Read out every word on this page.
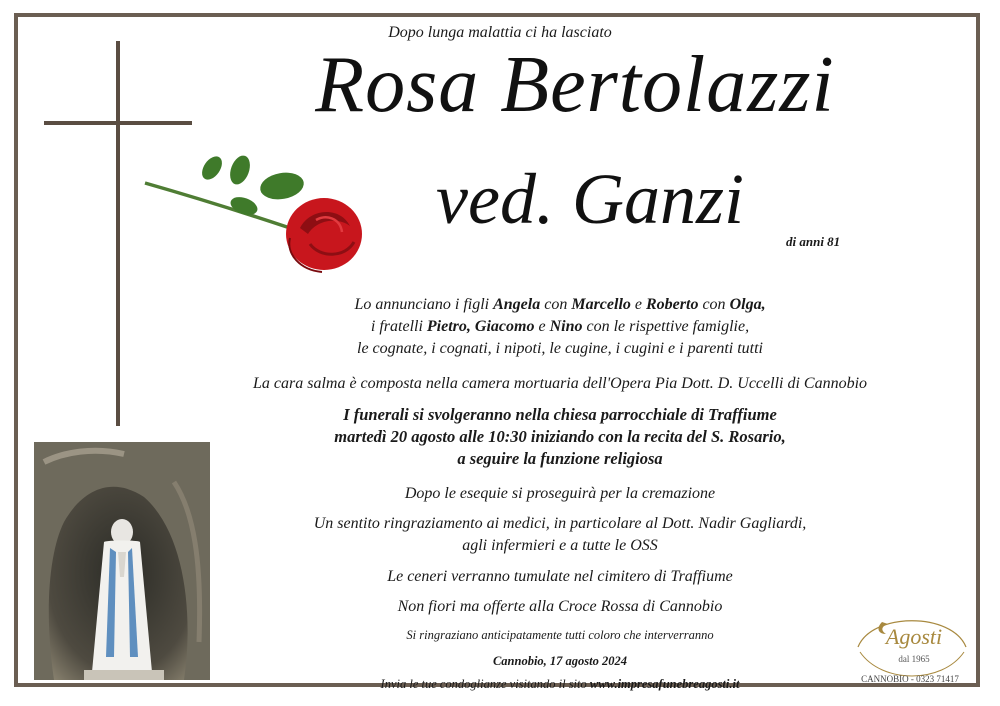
Dopo lunga malattia ci ha lasciato
Rosa Bertolazzi
ved. Ganzi
di anni 81
Lo annunciano i figli Angela con Marcello e Roberto con Olga,
i fratelli Pietro, Giacomo e Nino con le rispettive famiglie,
le cognate, i cognati, i nipoti, le cugine, i cugini e i parenti tutti
La cara salma è composta nella camera mortuaria dell'Opera Pia Dott. D. Uccelli di Cannobio
I funerali si svolgeranno nella chiesa parrocchiale di Traffiume
martedì 20 agosto alle 10:30 iniziando con la recita del S. Rosario,
a seguire la funzione religiosa
Dopo le esequie si proseguirà per la cremazione
Un sentito ringraziamento ai medici, in particolare al Dott. Nadir Gagliardi,
agli infermieri e a tutte le OSS
Le ceneri verranno tumulate nel cimitero di Traffiume
Non fiori ma offerte alla Croce Rossa di Cannobio
Si ringraziano anticipatamente tutti coloro che interverranno
Cannobio, 17 agosto 2024
Invia le tue condoglianze visitando il sito www.impresafunebreagosti.it
Agosti
dal 1965
CANNOBIO - 0323 71417
